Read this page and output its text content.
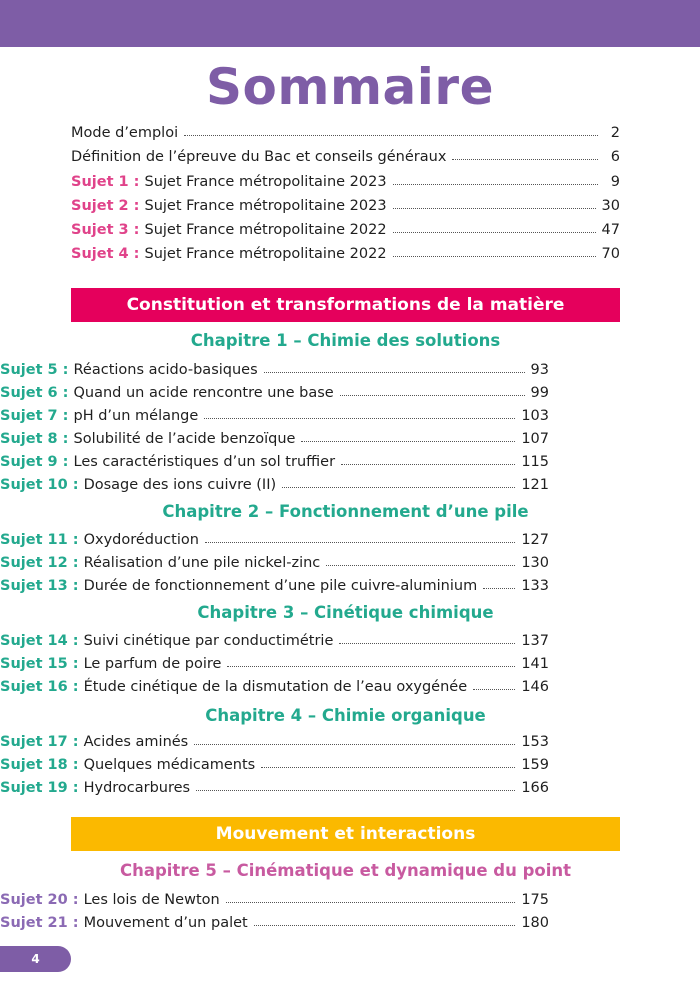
Sommaire
Mode d’emploi	2
Définition de l’épreuve du Bac et conseils généraux	6
Sujet 1 : Sujet France métropolitaine 2023	9
Sujet 2 : Sujet France métropolitaine 2023	30
Sujet 3 : Sujet France métropolitaine 2022	47
Sujet 4 : Sujet France métropolitaine 2022	70
Constitution et transformations de la matière
Chapitre 1 – Chimie des solutions
Sujet 5 : Réactions acido-basiques	93
Sujet 6 : Quand un acide rencontre une base	99
Sujet 7 : pH d’un mélange	103
Sujet 8 : Solubilité de l’acide benzoïque	107
Sujet 9 : Les caractéristiques d’un sol truffier	115
Sujet 10 : Dosage des ions cuivre (II)	121
Chapitre 2 – Fonctionnement d’une pile
Sujet 11 : Oxydoréduction	127
Sujet 12 : Réalisation d’une pile nickel-zinc	130
Sujet 13 : Durée de fonctionnement d’une pile cuivre-aluminium	133
Chapitre 3 – Cinétique chimique
Sujet 14 : Suivi cinétique par conductimétrie	137
Sujet 15 : Le parfum de poire	141
Sujet 16 : Étude cinétique de la dismutation de l’eau oxygénée	146
Chapitre 4 – Chimie organique
Sujet 17 : Acides aminés	153
Sujet 18 : Quelques médicaments	159
Sujet 19 : Hydrocarbures	166
Mouvement et interactions
Chapitre 5 – Cinématique et dynamique du point
Sujet 20 : Les lois de Newton	175
Sujet 21 : Mouvement d’un palet	180
4
